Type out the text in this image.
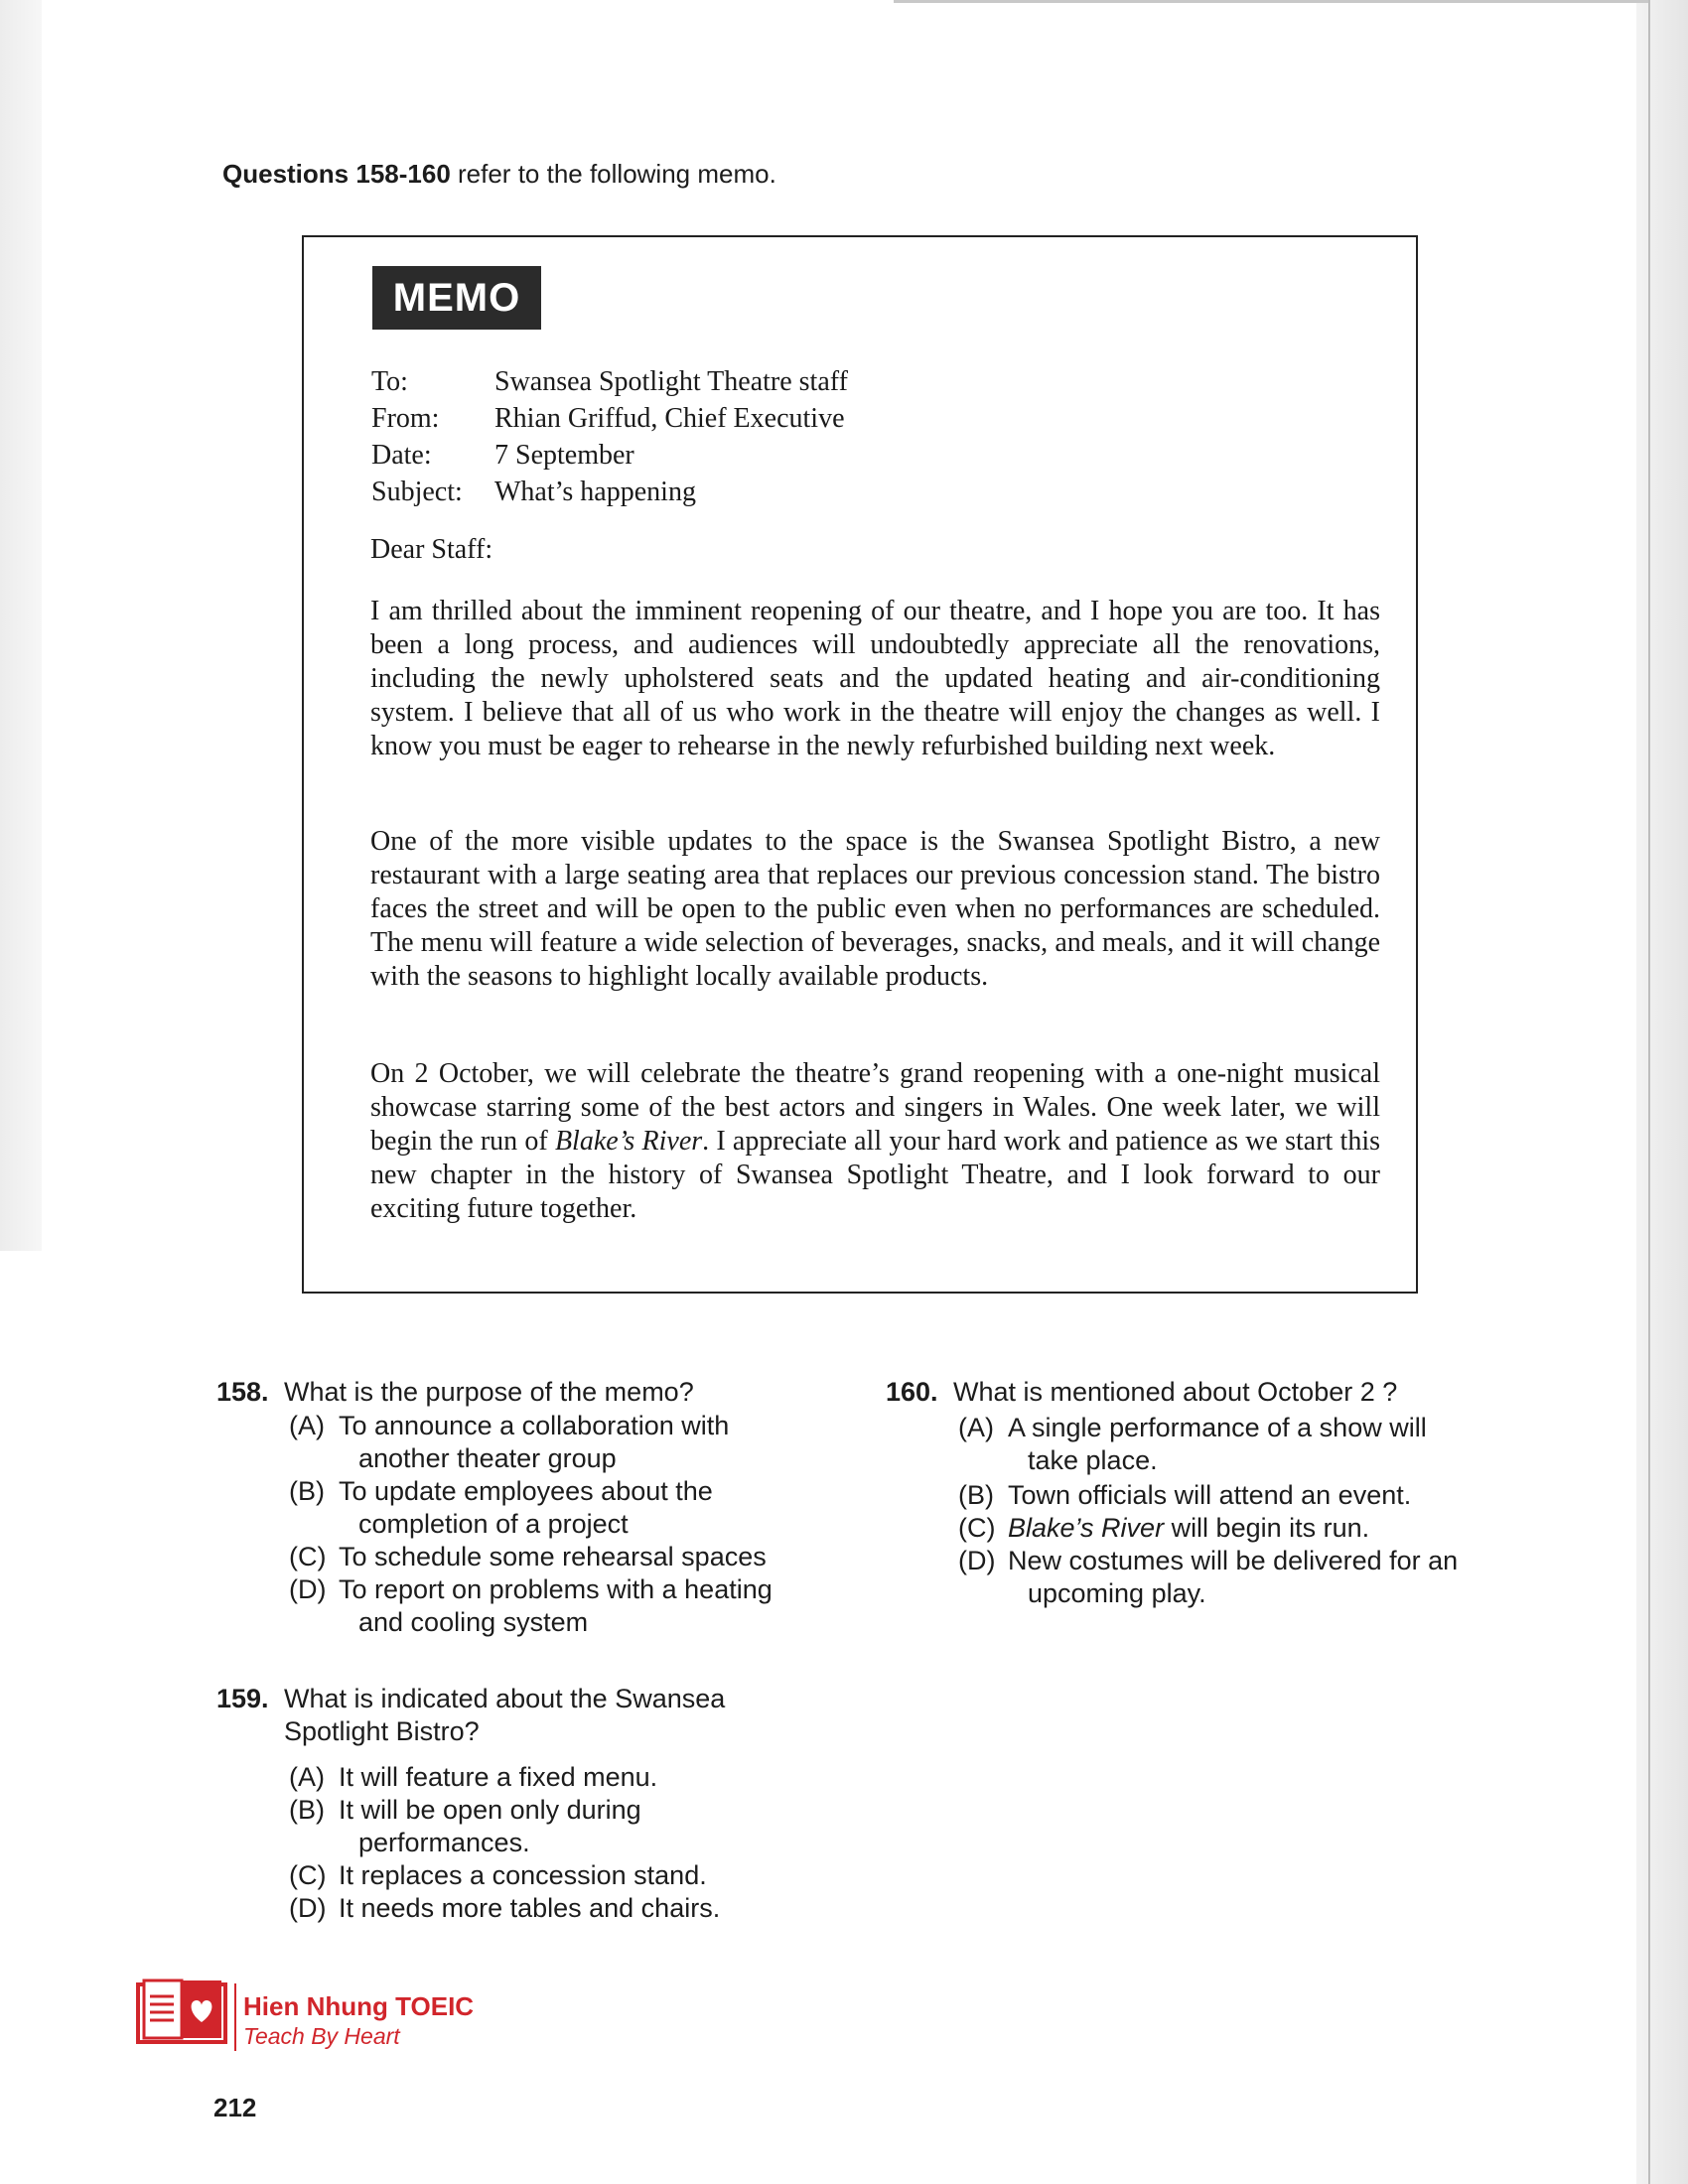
Questions 158-160 refer to the following memo.
MEMO
To:	Swansea Spotlight Theatre staff
From: Rhian Griffud, Chief Executive
Date: 7 September
Subject: What’s happening
Dear Staff:
I am thrilled about the imminent reopening of our theatre, and I hope you are too. It has been a long process, and audiences will undoubtedly appreciate all the renovations, including the newly upholstered seats and the updated heating and air-conditioning system. I believe that all of us who work in the theatre will enjoy the changes as well. I know you must be eager to rehearse in the newly refurbished building next week.
One of the more visible updates to the space is the Swansea Spotlight Bistro, a new restaurant with a large seating area that replaces our previous concession stand. The bistro faces the street and will be open to the public even when no performances are scheduled. The menu will feature a wide selection of beverages, snacks, and meals, and it will change with the seasons to highlight locally available products.
On 2 October, we will celebrate the theatre’s grand reopening with a one-night musical showcase starring some of the best actors and singers in Wales. One week later, we will begin the run of Blake’s River. I appreciate all your hard work and patience as we start this new chapter in the history of Swansea Spotlight Theatre, and I look forward to our exciting future together.
158. What is the purpose of the memo?
(A) To announce a collaboration with
another theater group
(B) To update employees about the
completion of a project
(C) To schedule some rehearsal spaces
(D) To report on problems with a heating
and cooling system
159. What is indicated about the Swansea
Spotlight Bistro?
(A) It will feature a fixed menu.
(B) It will be open only during
performances.
(C) It replaces a concession stand.
(D) It needs more tables and chairs.
160. What is mentioned about October 2 ?
(A) A single performance of a show will
take place.
(B) Town officials will attend an event.
(C) Blake’s River will begin its run.
(D) New costumes will be delivered for an
upcoming play.
Hien Nhung TOEIC
Teach By Heart
212
